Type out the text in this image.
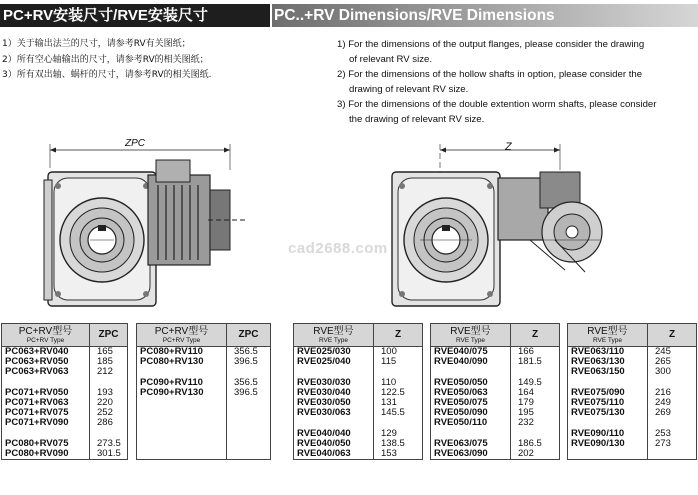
PC+RV安装尺寸/RVE安装尺寸	PC..+RV Dimensions/RVE Dimensions
1）关于输出法兰的尺寸，请参考RV有关图纸；
2）所有空心轴输出的尺寸，请参考RV的相关图纸；
3）所有双出轴、蜗杆的尺寸，请参考RV的相关图纸.
1) For the dimensions of the output flanges, please consider the drawing
of relevant RV size.
2) For the dimensions of the hollow shafts in option, please consider the
drawing of relevant RV size.
3) For the dimensions of the double extention worm shafts, please consider
the drawing of relevant RV size.
ZPC	Z
cad2688.com
PC+RV型号
PC+RV Type	ZPC
PC063+RV040	165
PC063+RV050	185
PC063+RV063	212

PC071+RV050	193
PC071+RV063	220
PC071+RV075	252
PC071+RV090	286

PC080+RV075	273.5
PC080+RV090	301.5
PC+RV型号
PC+RV Type	ZPC
PC080+RV110	356.5
PC080+RV130	396.5

PC090+RV110	356.5
PC090+RV130	396.5

RVE型号
RVE Type	Z
RVE025/030	100
RVE025/040	115

RVE030/030	110
RVE030/040	122.5
RVE030/050	131
RVE030/063	145.5

RVE040/040	129
RVE040/050	138.5
RVE040/063	153
RVE型号
RVE Type	Z
RVE040/075	166
RVE040/090	181.5

RVE050/050	149.5
RVE050/063	164
RVE050/075	179
RVE050/090	195
RVE050/110	232

RVE063/075	186.5
RVE063/090	202
RVE型号
RVE Type	Z
RVE063/110	245
RVE063/130	265
RVE063/150	300

RVE075/090	216
RVE075/110	249
RVE075/130	269

RVE090/110	253
RVE090/130	273
